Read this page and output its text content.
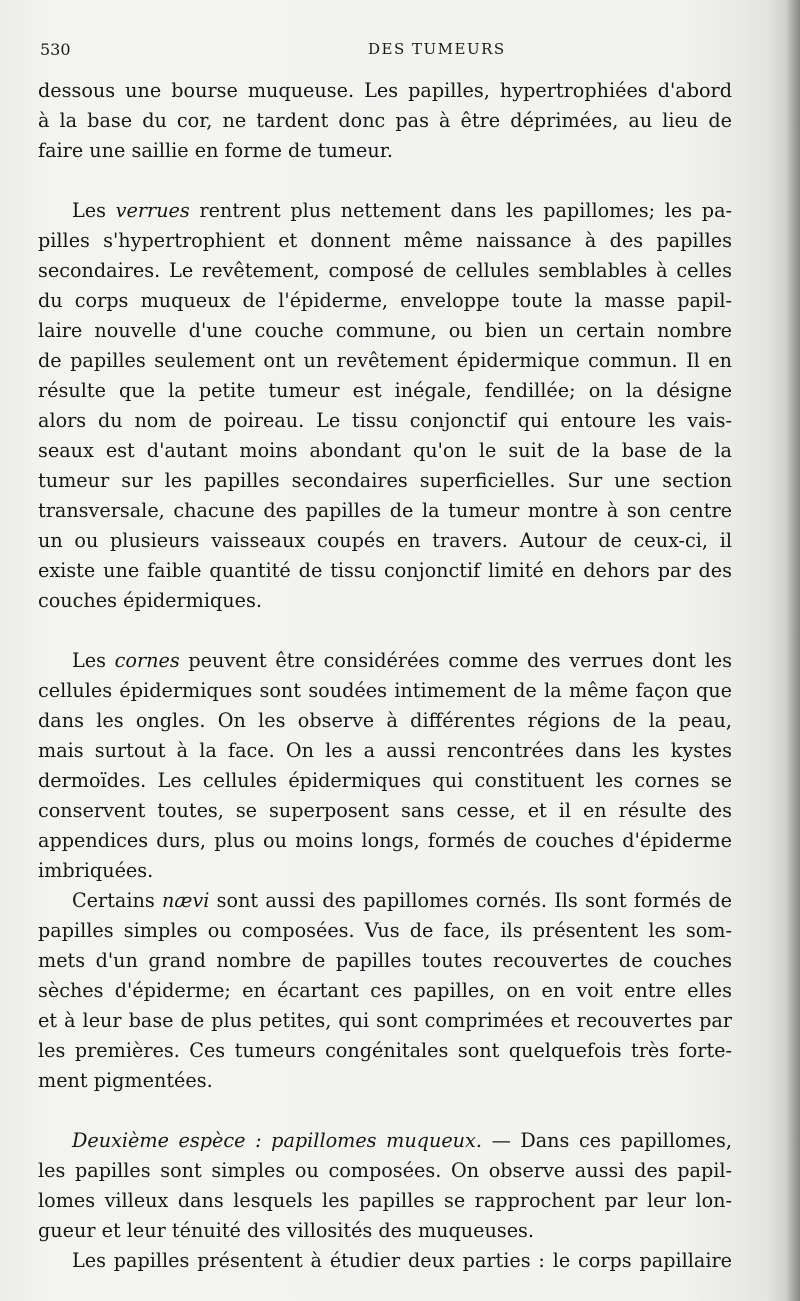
530	DES TUMEURS

dessous une bourse muqueuse. Les papilles, hypertrophiées d'abord
à la base du cor, ne tardent donc pas à être déprimées, au lieu de
faire une saillie en forme de tumeur.

Les verrues rentrent plus nettement dans les papillomes; les pa-
pilles s'hypertrophient et donnent même naissance à des papilles
secondaires. Le revêtement, composé de cellules semblables à celles
du corps muqueux de l'épiderme, enveloppe toute la masse papil-
laire nouvelle d'une couche commune, ou bien un certain nombre
de papilles seulement ont un revêtement épidermique commun. Il en
résulte que la petite tumeur est inégale, fendillée; on la désigne
alors du nom de poireau. Le tissu conjonctif qui entoure les vais-
seaux est d'autant moins abondant qu'on le suit de la base de la
tumeur sur les papilles secondaires superficielles. Sur une section
transversale, chacune des papilles de la tumeur montre à son centre
un ou plusieurs vaisseaux coupés en travers. Autour de ceux-ci, il
existe une faible quantité de tissu conjonctif limité en dehors par des
couches épidermiques.

Les cornes peuvent être considérées comme des verrues dont les
cellules épidermiques sont soudées intimement de la même façon que
dans les ongles. On les observe à différentes régions de la peau,
mais surtout à la face. On les a aussi rencontrées dans les kystes
dermoïdes. Les cellules épidermiques qui constituent les cornes se
conservent toutes, se superposent sans cesse, et il en résulte des
appendices durs, plus ou moins longs, formés de couches d'épiderme
imbriquées.

Certains nævi sont aussi des papillomes cornés. Ils sont formés de
papilles simples ou composées. Vus de face, ils présentent les som-
mets d'un grand nombre de papilles toutes recouvertes de couches
sèches d'épiderme; en écartant ces papilles, on en voit entre elles
et à leur base de plus petites, qui sont comprimées et recouvertes par
les premières. Ces tumeurs congénitales sont quelquefois très forte-
ment pigmentées.

Deuxième espèce : papillomes muqueux. — Dans ces papillomes,
les papilles sont simples ou composées. On observe aussi des papil-
lomes villeux dans lesquels les papilles se rapprochent par leur lon-
gueur et leur ténuité des villosités des muqueuses.

Les papilles présentent à étudier deux parties : le corps papillaire
